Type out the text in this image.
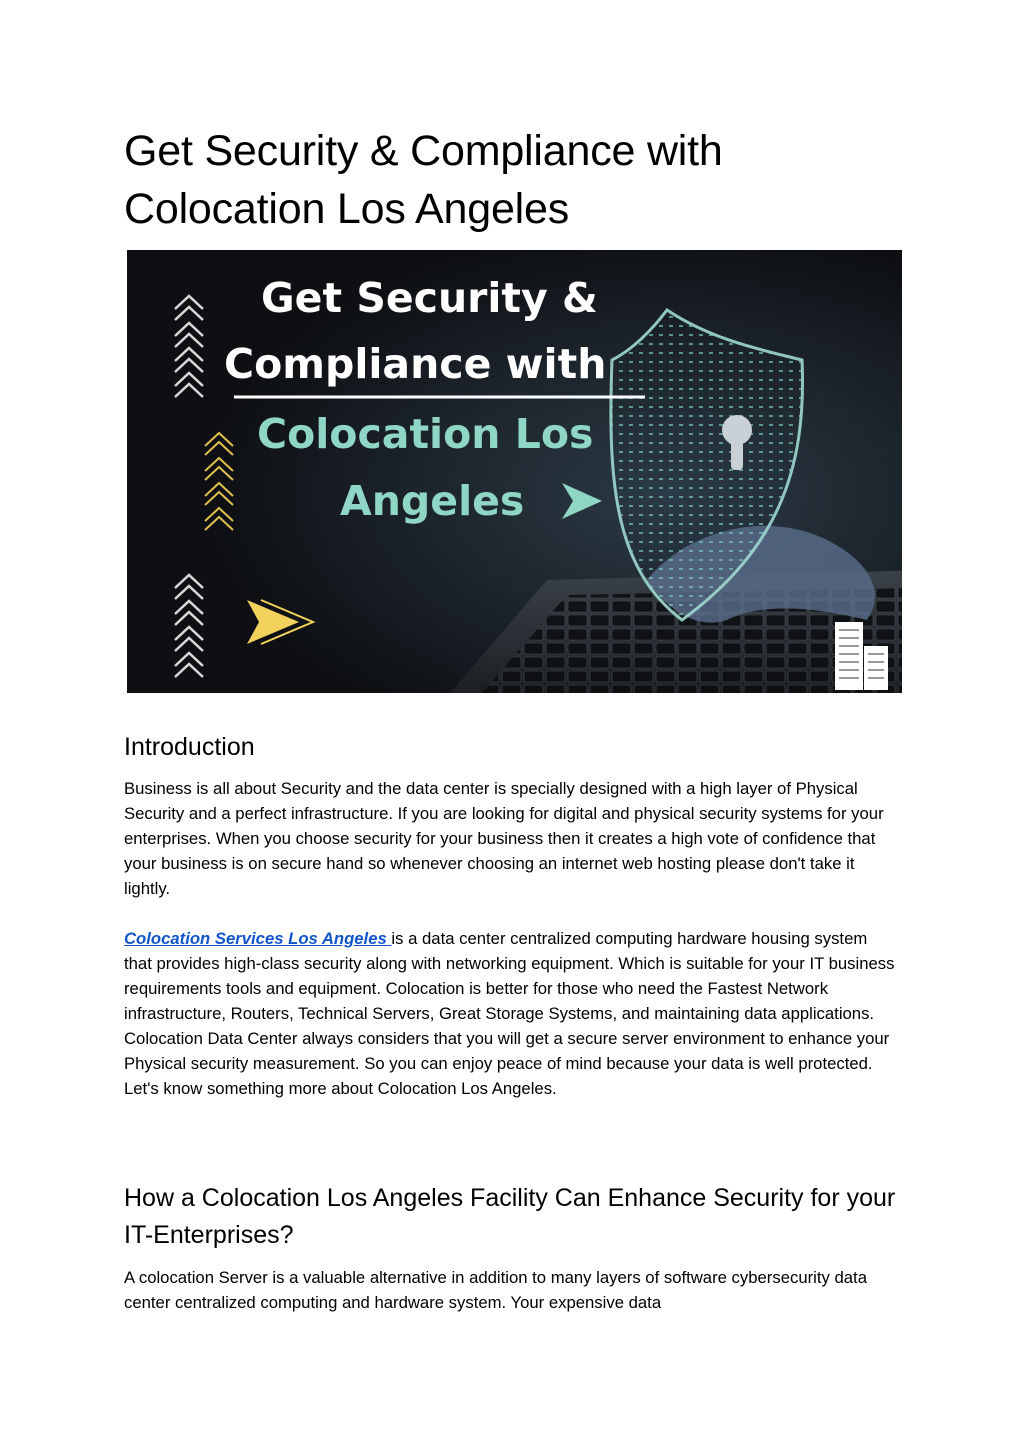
Get Security & Compliance with Colocation Los Angeles
Get Security &
Compliance with
Colocation Los
Angeles
Introduction

Business is all about Security and the data center is specially designed with a high layer of Physical Security and a perfect infrastructure. If you are looking for digital and physical security systems for your enterprises. When you choose security for your business then it creates a high vote of confidence that your business is on secure hand so whenever choosing an internet web hosting please don't take it lightly.

Colocation Services Los Angeles is a data center centralized computing hardware housing system that provides high-class security along with networking equipment. Which is suitable for your IT business requirements tools and equipment. Colocation is better for those who need the Fastest Network infrastructure, Routers, Technical Servers, Great Storage Systems, and maintaining data applications. Colocation Data Center always considers that you will get a secure server environment to enhance your Physical security measurement. So you can enjoy peace of mind because your data is well protected. Let's know something more about Colocation Los Angeles.

How a Colocation Los Angeles Facility Can Enhance Security for your IT-Enterprises?

A colocation Server is a valuable alternative in addition to many layers of software cybersecurity data center centralized computing and hardware system. Your expensive data
